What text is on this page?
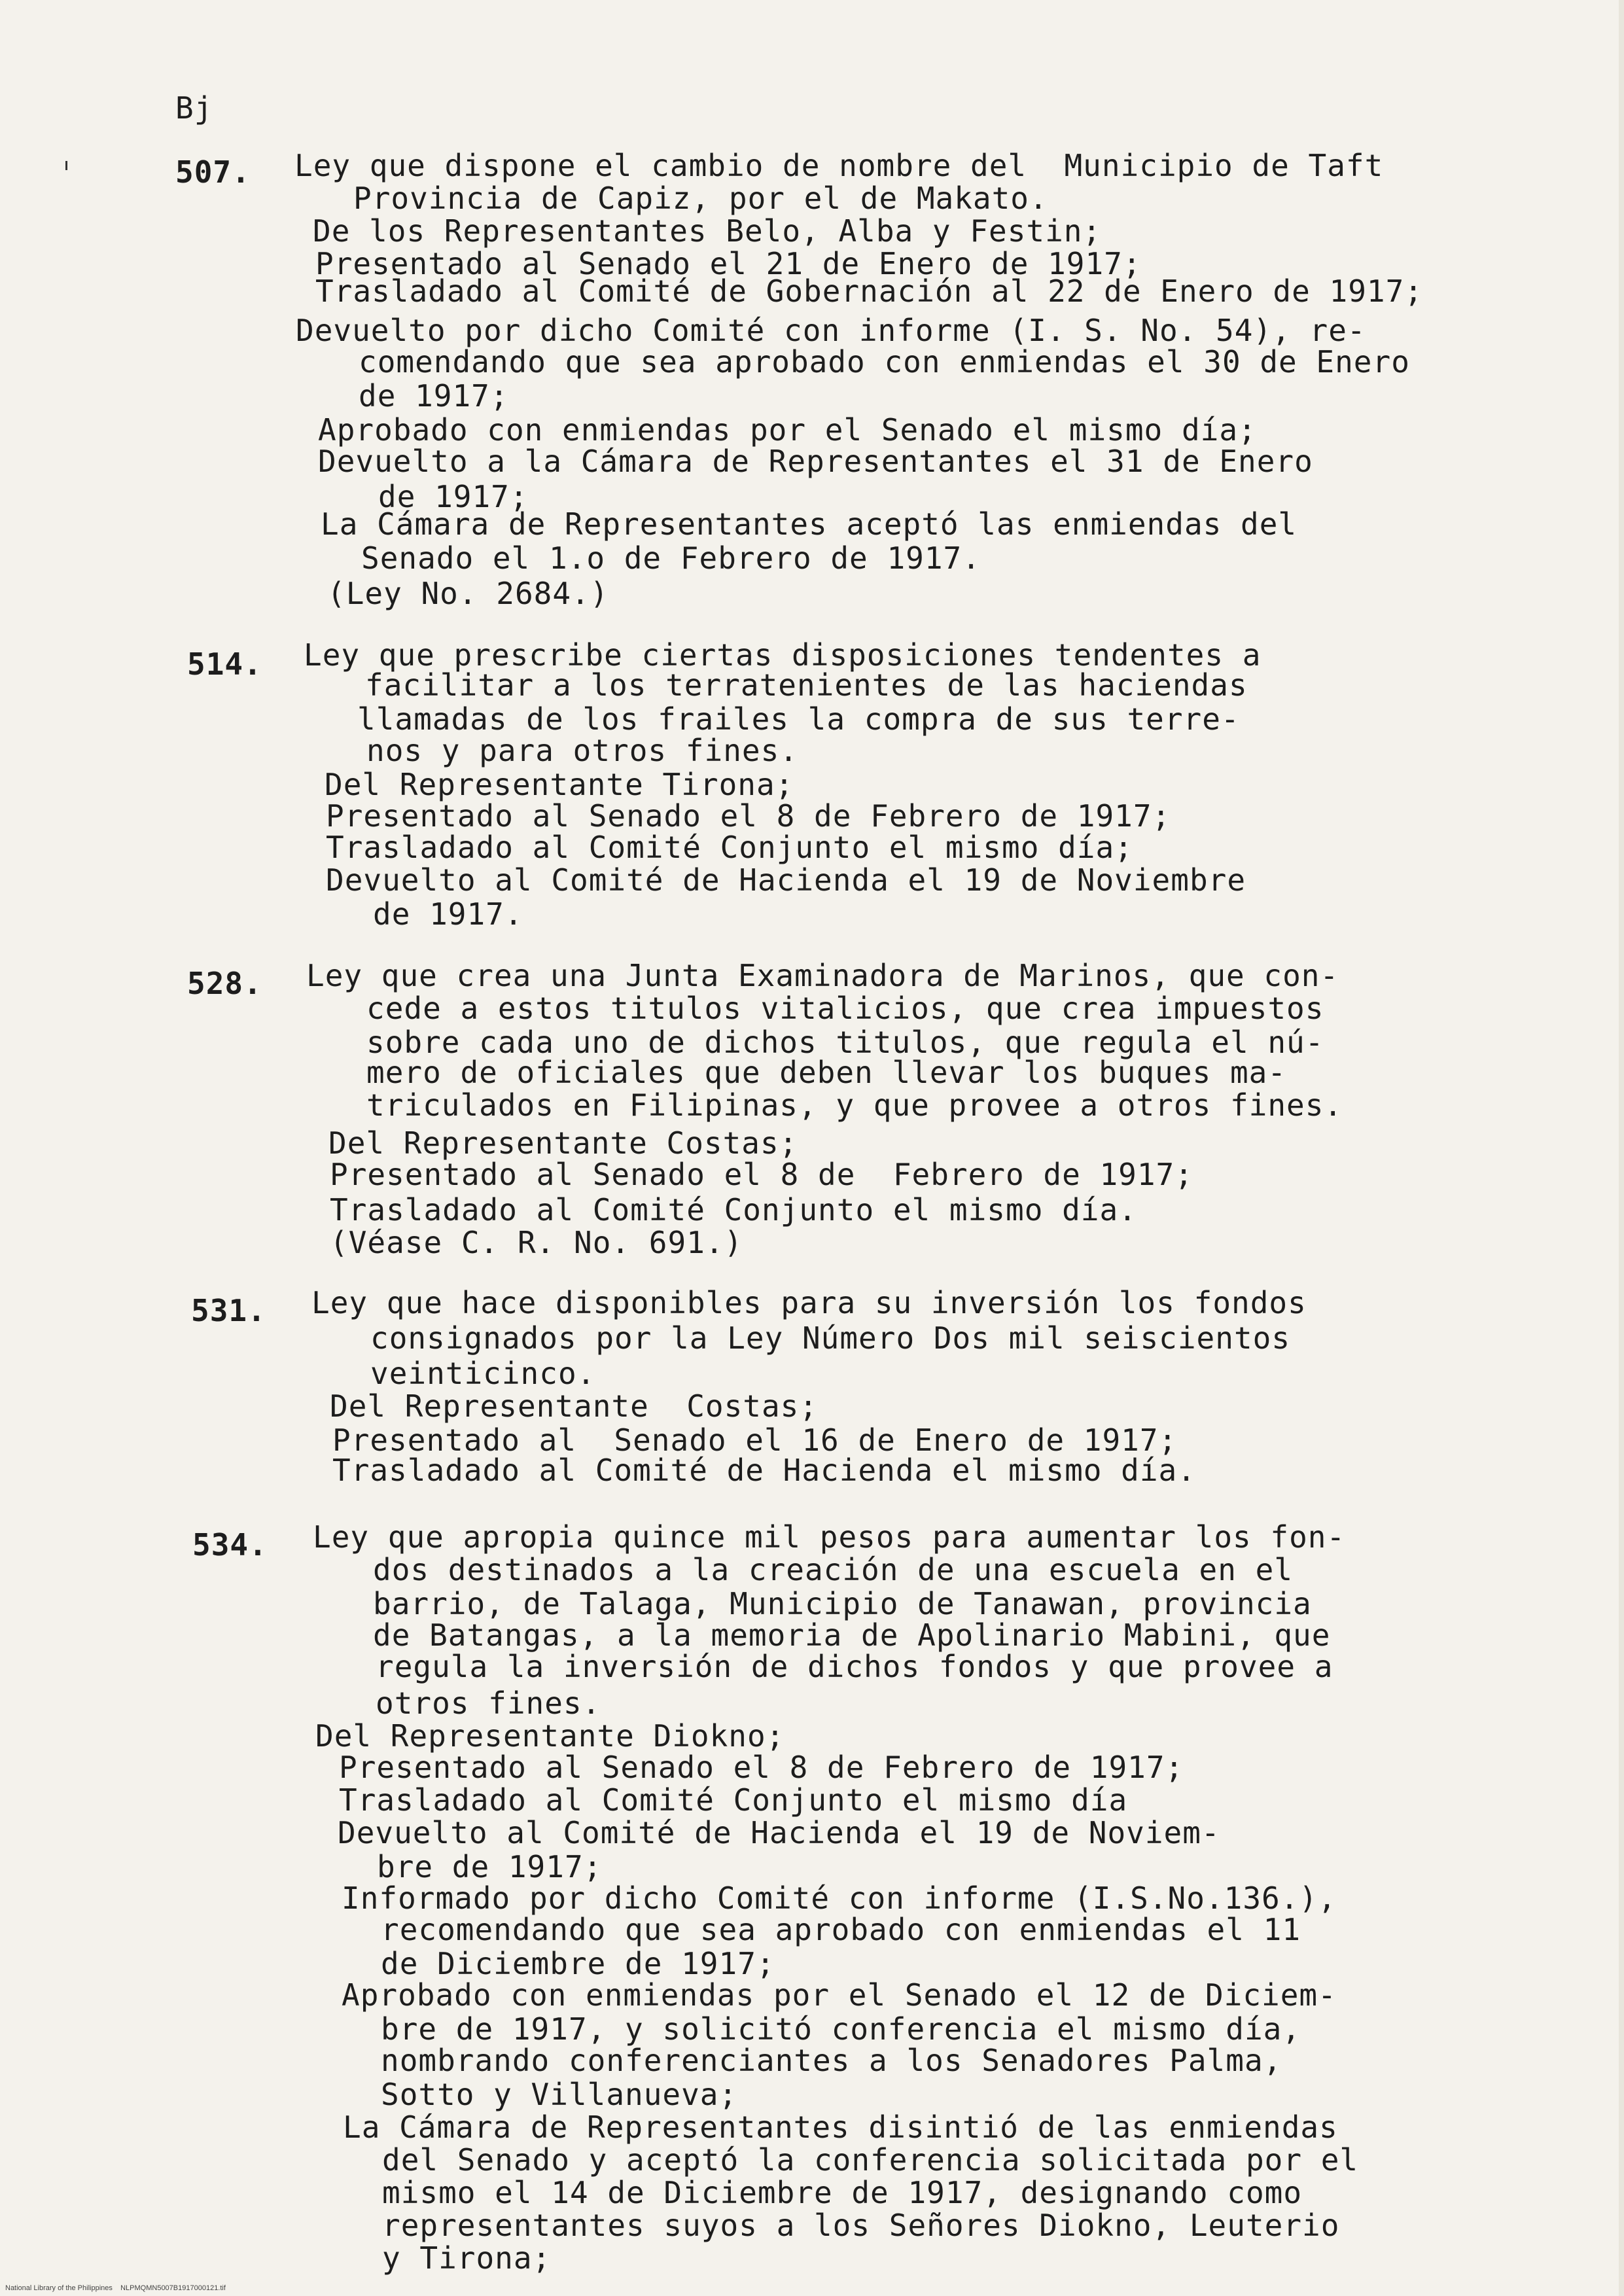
Bj
507. Ley que dispone el cambio de nombre del  Municipio de Taft
Provincia de Capiz, por el de Makato.
De los Representantes Belo, Alba y Festin;
Presentado al Senado el 21 de Enero de 1917;
Trasladado al Comité de Gobernación al 22 de Enero de 1917;
Devuelto por dicho Comité con informe (I. S. No. 54), re-
comendando que sea aprobado con enmiendas el 30 de Enero
de 1917;
Aprobado con enmiendas por el Senado el mismo día;
Devuelto a la Cámara de Representantes el 31 de Enero
de 1917;
La Cámara de Representantes aceptó las enmiendas del
Senado el 1.o de Febrero de 1917.
(Ley No. 2684.)
514. Ley que prescribe ciertas disposiciones tendentes a
facilitar a los terratenientes de las haciendas
llamadas de los frailes la compra de sus terre-
nos y para otros fines.
Del Representante Tirona;
Presentado al Senado el 8 de Febrero de 1917;
Trasladado al Comité Conjunto el mismo día;
Devuelto al Comité de Hacienda el 19 de Noviembre
de 1917.
528. Ley que crea una Junta Examinadora de Marinos, que con-
cede a estos titulos vitalicios, que crea impuestos
sobre cada uno de dichos titulos, que regula el nú-
mero de oficiales que deben llevar los buques ma-
triculados en Filipinas, y que provee a otros fines.
Del Representante Costas;
Presentado al Senado el 8 de  Febrero de 1917;
Trasladado al Comité Conjunto el mismo día.
(Véase C. R. No. 691.)
531. Ley que hace disponibles para su inversión los fondos
consignados por la Ley Número Dos mil seiscientos
veinticinco.
Del Representante  Costas;
Presentado al  Senado el 16 de Enero de 1917;
Trasladado al Comité de Hacienda el mismo día.
534. Ley que apropia quince mil pesos para aumentar los fon-
dos destinados a la creación de una escuela en el
barrio, de Talaga, Municipio de Tanawan, provincia
de Batangas, a la memoria de Apolinario Mabini, que
regula la inversión de dichos fondos y que provee a
otros fines.
Del Representante Diokno;
Presentado al Senado el 8 de Febrero de 1917;
Trasladado al Comité Conjunto el mismo día
Devuelto al Comité de Hacienda el 19 de Noviem-
bre de 1917;
Informado por dicho Comité con informe (I.S.No.136.),
recomendando que sea aprobado con enmiendas el 11
de Diciembre de 1917;
Aprobado con enmiendas por el Senado el 12 de Diciem-
bre de 1917, y solicitó conferencia el mismo día,
nombrando conferenciantes a los Senadores Palma,
Sotto y Villanueva;
La Cámara de Representantes disintió de las enmiendas
del Senado y aceptó la conferencia solicitada por el
mismo el 14 de Diciembre de 1917, designando como
representantes suyos a los Señores Diokno, Leuterio
y Tirona;
National Library of the Philippines    NLPMQMN5007B1917000121.tif
